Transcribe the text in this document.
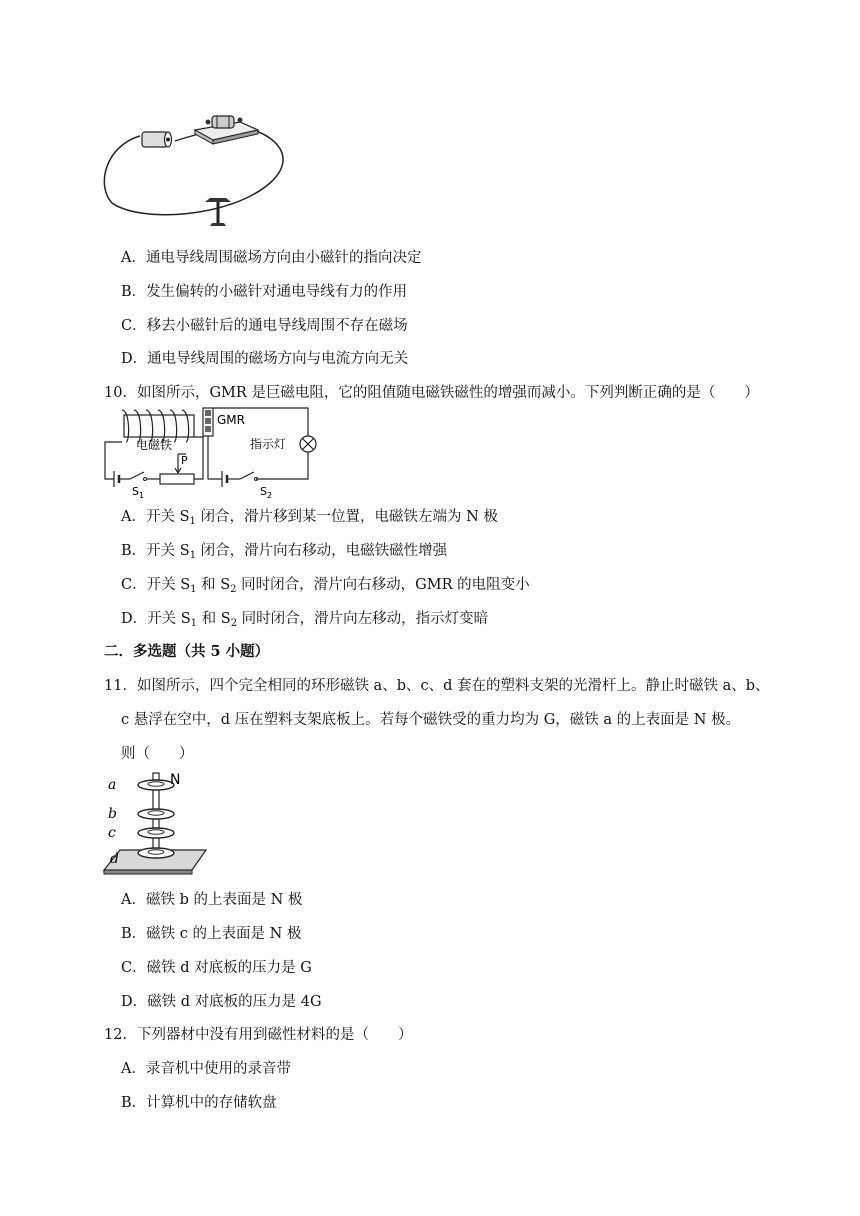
A．通电导线周围磁场方向由小磁针的指向决定
B．发生偏转的小磁针对通电导线有力的作用
C．移去小磁针后的通电导线周围不存在磁场
D．通电导线周围的磁场方向与电流方向无关
10．如图所示，GMR 是巨磁电阻，它的阻值随电磁铁磁性的增强而减小。下列判断正确的是（　　）
电磁铁
$S_1$
P
GMR
$S_2$
指示灯
A．开关 $S_1$ 闭合，滑片移到某一位置，电磁铁左端为 N 极
B．开关 $S_1$ 闭合，滑片向右移动，电磁铁磁性增强
C．开关 $S_1$ 和 $S_2$ 同时闭合，滑片向右移动，GMR 的电阻变小
D．开关 $S_1$ 和 $S_2$ 同时闭合，滑片向左移动，指示灯变暗
二．多选题（共 5 小题）
11．如图所示，四个完全相同的环形磁铁 a、b、c、d 套在的塑料支架的光滑杆上。静止时磁铁 a、b、
c 悬浮在空中，d 压在塑料支架底板上。若每个磁铁受的重力均为 G，磁铁 a 的上表面是 N 极。
则（　　）
a
b
c
d
N
A．磁铁 b 的上表面是 N 极
B．磁铁 c 的上表面是 N 极
C．磁铁 d 对底板的压力是 G
D．磁铁 d 对底板的压力是 4G
12．下列器材中没有用到磁性材料的是（　　）
A．录音机中使用的录音带
B．计算机中的存储软盘
